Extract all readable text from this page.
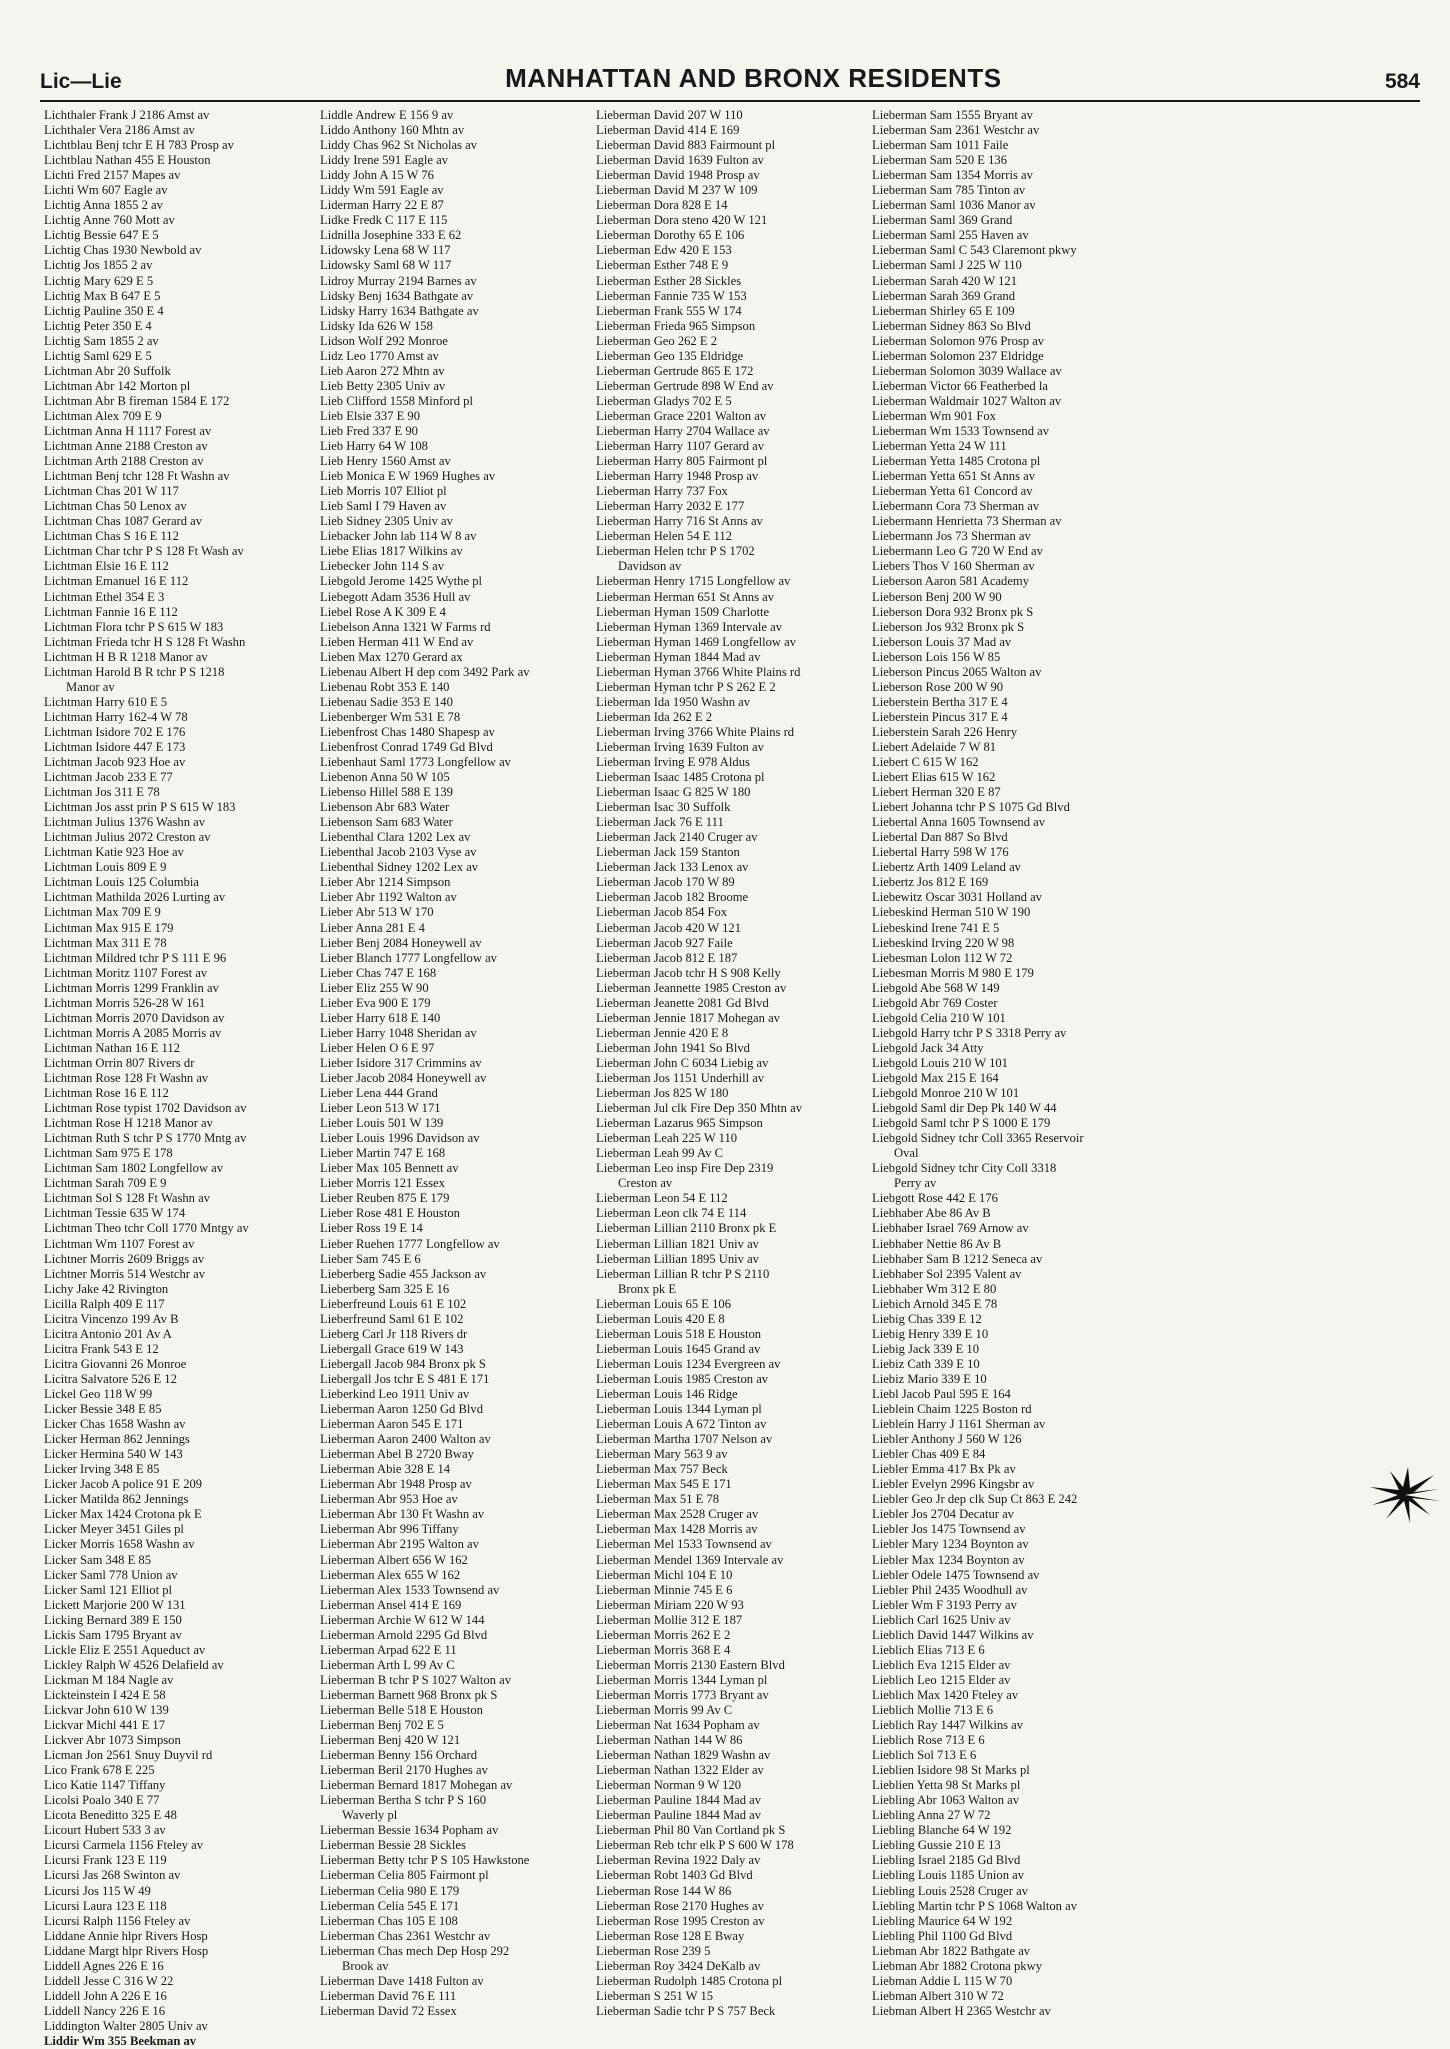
Lic—Lie	MANHATTAN AND BRONX RESIDENTS	584
Lichthaler Frank J 2186 Amst av
Lichthaler Vera 2186 Amst av
Lichtblau Benj tchr E H 783 Prosp av
Lichtblau Nathan 455 E Houston
Lichti Fred 2157 Mapes av
Lichti Wm 607 Eagle av
Lichtig Anna 1855 2 av
Lichtig Anne 760 Mott av
Lichtig Bessie 647 E 5
Lichtig Chas 1930 Newbold av
Lichtig Jos 1855 2 av
Lichtig Mary 629 E 5
Lichtig Max B 647 E 5
Lichtig Pauline 350 E 4
Lichtig Peter 350 E 4
Lichtig Sam 1855 2 av
Lichtig Saml 629 E 5
Lichtman Abr 20 Suffolk
Lichtman Abr 142 Morton pl
Lichtman Abr B fireman 1584 E 172
Lichtman Alex 709 E 9
Lichtman Anna H 1117 Forest av
Lichtman Anne 2188 Creston av
Lichtman Arth 2188 Creston av
Lichtman Benj tchr 128 Ft Washn av
Lichtman Chas 201 W 117
Lichtman Chas 50 Lenox av
Lichtman Chas 1087 Gerard av
Lichtman Chas S 16 E 112
Lichtman Char tchr P S 128 Ft Wash av
Lichtman Elsie 16 E 112
Lichtman Emanuel 16 E 112
Lichtman Ethel 354 E 3
Lichtman Fannie 16 E 112
Lichtman Flora tchr P S 615 W 183
Lichtman Frieda tchr H S 128 Ft Washn
Lichtman H B R 1218 Manor av
Lichtman Harold B R tchr P S 1218
Manor av
Lichtman Harry 610 E 5
Lichtman Harry 162-4 W 78
Lichtman Isidore 702 E 176
Lichtman Isidore 447 E 173
Lichtman Jacob 923 Hoe av
Lichtman Jacob 233 E 77
Lichtman Jos 311 E 78
Lichtman Jos asst prin P S 615 W 183
Lichtman Julius 1376 Washn av
Lichtman Julius 2072 Creston av
Lichtman Katie 923 Hoe av
Lichtman Louis 809 E 9
Lichtman Louis 125 Columbia
Lichtman Mathilda 2026 Lurting av
Lichtman Max 709 E 9
Lichtman Max 915 E 179
Lichtman Max 311 E 78
Lichtman Mildred tchr P S 111 E 96
Lichtman Moritz 1107 Forest av
Lichtman Morris 1299 Franklin av
Lichtman Morris 526-28 W 161
Lichtman Morris 2070 Davidson av
Lichtman Morris A 2085 Morris av
Lichtman Nathan 16 E 112
Lichtman Orrin 807 Rivers dr
Lichtman Rose 128 Ft Washn av
Lichtman Rose 16 E 112
Lichtman Rose typist 1702 Davidson av
Lichtman Rose H 1218 Manor av
Lichtman Ruth S tchr P S 1770 Mntg av
Lichtman Sam 975 E 178
Lichtman Sam 1802 Longfellow av
Lichtman Sarah 709 E 9
Lichtman Sol S 128 Ft Washn av
Lichtman Tessie 635 W 174
Lichtman Theo tchr Coll 1770 Mntgy av
Lichtman Wm 1107 Forest av
Lichtner Morris 2609 Briggs av
Lichtner Morris 514 Westchr av
Lichy Jake 42 Rivington
Licilla Ralph 409 E 117
Licitra Vincenzo 199 Av B
Licitra Antonio 201 Av A
Licitra Frank 543 E 12
Licitra Giovanni 26 Monroe
Licitra Salvatore 526 E 12
Lickel Geo 118 W 99
Licker Bessie 348 E 85
Licker Chas 1658 Washn av
Licker Herman 862 Jennings
Licker Hermina 540 W 143
Licker Irving 348 E 85
Licker Jacob A police 91 E 209
Licker Matilda 862 Jennings
Licker Max 1424 Crotona pk E
Licker Meyer 3451 Giles pl
Licker Morris 1658 Washn av
Licker Sam 348 E 85
Licker Saml 778 Union av
Licker Saml 121 Elliot pl
Lickett Marjorie 200 W 131
Licking Bernard 389 E 150
Lickis Sam 1795 Bryant av
Lickle Eliz E 2551 Aqueduct av
Lickley Ralph W 4526 Delafield av
Lickman M 184 Nagle av
Lickteinstein I 424 E 58
Lickvar John 610 W 139
Lickvar Michl 441 E 17
Lickver Abr 1073 Simpson
Licman Jon 2561 Snuy Duyvil rd
Lico Frank 678 E 225
Lico Katie 1147 Tiffany
Licolsi Poalo 340 E 77
Licota Beneditto 325 E 48
Licourt Hubert 533 3 av
Licursi Carmela 1156 Fteley av
Licursi Frank 123 E 119
Licursi Jas 268 Swinton av
Licursi Jos 115 W 49
Licursi Laura 123 E 118
Licursi Ralph 1156 Fteley av
Liddane Annie hlpr Rivers Hosp
Liddane Margt hlpr Rivers Hosp
Liddell Agnes 226 E 16
Liddell Jesse C 316 W 22
Liddell John A 226 E 16
Liddell Nancy 226 E 16
Liddington Walter 2805 Univ av
Liddir Wm 355 Beekman av
Liddle Andrew E 156 9 av
Liddo Anthony 160 Mhtn av
Liddy Chas 962 St Nicholas av
Liddy Irene 591 Eagle av
Liddy John A 15 W 76
Liddy Wm 591 Eagle av
Liderman Harry 22 E 87
Lidke Fredk C 117 E 115
Lidnilla Josephine 333 E 62
Lidowsky Lena 68 W 117
Lidowsky Saml 68 W 117
Lidroy Murray 2194 Barnes av
Lidsky Benj 1634 Bathgate av
Lidsky Harry 1634 Bathgate av
Lidsky Ida 626 W 158
Lidson Wolf 292 Monroe
Lidz Leo 1770 Amst av
Lieb Aaron 272 Mhtn av
Lieb Betty 2305 Univ av
Lieb Clifford 1558 Minford pl
Lieb Elsie 337 E 90
Lieb Fred 337 E 90
Lieb Harry 64 W 108
Lieb Henry 1560 Amst av
Lieb Monica E W 1969 Hughes av
Lieb Morris 107 Elliot pl
Lieb Saml I 79 Haven av
Lieb Sidney 2305 Univ av
Liebacker John lab 114 W 8 av
Liebe Elias 1817 Wilkins av
Liebecker John 114 S av
Liebgold Jerome 1425 Wythe pl
Liebegott Adam 3536 Hull av
Liebel Rose A K 309 E 4
Liebelson Anna 1321 W Farms rd
Lieben Herman 411 W End av
Lieben Max 1270 Gerard ax
Liebenau Albert H dep com 3492 Park av
Liebenau Robt 353 E 140
Liebenau Sadie 353 E 140
Liebenberger Wm 531 E 78
Liebenfrost Chas 1480 Shapesp av
Liebenfrost Conrad 1749 Gd Blvd
Liebenhaut Saml 1773 Longfellow av
Liebenon Anna 50 W 105
Liebenso Hillel 588 E 139
Liebenson Abr 683 Water
Liebenson Sam 683 Water
Liebenthal Clara 1202 Lex av
Liebenthal Jacob 2103 Vyse av
Liebenthal Sidney 1202 Lex av
Lieber Abr 1214 Simpson
Lieber Abr 1192 Walton av
Lieber Abr 513 W 170
Lieber Anna 281 E 4
Lieber Benj 2084 Honeywell av
Lieber Blanch 1777 Longfellow av
Lieber Chas 747 E 168
Lieber Eliz 255 W 90
Lieber Eva 900 E 179
Lieber Harry 618 E 140
Lieber Harry 1048 Sheridan av
Lieber Helen O 6 E 97
Lieber Isidore 317 Crimmins av
Lieber Jacob 2084 Honeywell av
Lieber Lena 444 Grand
Lieber Leon 513 W 171
Lieber Louis 501 W 139
Lieber Louis 1996 Davidson av
Lieber Martin 747 E 168
Lieber Max 105 Bennett av
Lieber Morris 121 Essex
Lieber Reuben 875 E 179
Lieber Rose 481 E Houston
Lieber Ross 19 E 14
Lieber Ruehen 1777 Longfellow av
Lieber Sam 745 E 6
Lieberberg Sadie 455 Jackson av
Lieberberg Sam 325 E 16
Lieberfreund Louis 61 E 102
Lieberfreund Saml 61 E 102
Lieberg Carl Jr 118 Rivers dr
Liebergall Grace 619 W 143
Liebergall Jacob 984 Bronx pk S
Liebergall Jos tchr E S 481 E 171
Lieberkind Leo 1911 Univ av
Lieberman Aaron 1250 Gd Blvd
Lieberman Aaron 545 E 171
Lieberman Aaron 2400 Walton av
Lieberman Abel B 2720 Bway
Lieberman Abie 328 E 14
Lieberman Abr 1948 Prosp av
Lieberman Abr 953 Hoe av
Lieberman Abr 130 Ft Washn av
Lieberman Abr 996 Tiffany
Lieberman Abr 2195 Walton av
Lieberman Albert 656 W 162
Lieberman Alex 655 W 162
Lieberman Alex 1533 Townsend av
Lieberman Ansel 414 E 169
Lieberman Archie W 612 W 144
Lieberman Arnold 2295 Gd Blvd
Lieberman Arpad 622 E 11
Lieberman Arth L 99 Av C
Lieberman B tchr P S 1027 Walton av
Lieberman Barnett 968 Bronx pk S
Lieberman Belle 518 E Houston
Lieberman Benj 702 E 5
Lieberman Benj 420 W 121
Lieberman Benny 156 Orchard
Lieberman Beril 2170 Hughes av
Lieberman Bernard 1817 Mohegan av
Lieberman Bertha S tchr P S 160
Waverly pl
Lieberman Bessie 1634 Popham av
Lieberman Bessie 28 Sickles
Lieberman Betty tchr P S 105 Hawkstone
Lieberman Celia 805 Fairmont pl
Lieberman Celia 980 E 179
Lieberman Celia 545 E 171
Lieberman Chas 105 E 108
Lieberman Chas 2361 Westchr av
Lieberman Chas mech Dep Hosp 292
Brook av
Lieberman Dave 1418 Fulton av
Lieberman David 76 E 111
Lieberman David 72 Essex
Lieberman David 207 W 110
Lieberman David 414 E 169
Lieberman David 883 Fairmount pl
Lieberman David 1639 Fulton av
Lieberman David 1948 Prosp av
Lieberman David M 237 W 109
Lieberman Dora 828 E 14
Lieberman Dora steno 420 W 121
Lieberman Dorothy 65 E 106
Lieberman Edw 420 E 153
Lieberman Esther 748 E 9
Lieberman Esther 28 Sickles
Lieberman Fannie 735 W 153
Lieberman Frank 555 W 174
Lieberman Frieda 965 Simpson
Lieberman Geo 262 E 2
Lieberman Geo 135 Eldridge
Lieberman Gertrude 865 E 172
Lieberman Gertrude 898 W End av
Lieberman Gladys 702 E 5
Lieberman Grace 2201 Walton av
Lieberman Harry 2704 Wallace av
Lieberman Harry 1107 Gerard av
Lieberman Harry 805 Fairmont pl
Lieberman Harry 1948 Prosp av
Lieberman Harry 737 Fox
Lieberman Harry 2032 E 177
Lieberman Harry 716 St Anns av
Lieberman Helen 54 E 112
Lieberman Helen tchr P S 1702
Davidson av
Lieberman Henry 1715 Longfellow av
Lieberman Herman 651 St Anns av
Lieberman Hyman 1509 Charlotte
Lieberman Hyman 1369 Intervale av
Lieberman Hyman 1469 Longfellow av
Lieberman Hyman 1844 Mad av
Lieberman Hyman 3766 White Plains rd
Lieberman Hyman tchr P S 262 E 2
Lieberman Ida 1950 Washn av
Lieberman Ida 262 E 2
Lieberman Irving 3766 White Plains rd
Lieberman Irving 1639 Fulton av
Lieberman Irving E 978 Aldus
Lieberman Isaac 1485 Crotona pl
Lieberman Isaac G 825 W 180
Lieberman Isac 30 Suffolk
Lieberman Jack 76 E 111
Lieberman Jack 2140 Cruger av
Lieberman Jack 159 Stanton
Lieberman Jack 133 Lenox av
Lieberman Jacob 170 W 89
Lieberman Jacob 182 Broome
Lieberman Jacob 854 Fox
Lieberman Jacob 420 W 121
Lieberman Jacob 927 Faile
Lieberman Jacob 812 E 187
Lieberman Jacob tchr H S 908 Kelly
Lieberman Jeannette 1985 Creston av
Lieberman Jeanette 2081 Gd Blvd
Lieberman Jennie 1817 Mohegan av
Lieberman Jennie 420 E 8
Lieberman John 1941 So Blvd
Lieberman John C 6034 Liebig av
Lieberman Jos 1151 Underhill av
Lieberman Jos 825 W 180
Lieberman Jul clk Fire Dep 350 Mhtn av
Lieberman Lazarus 965 Simpson
Lieberman Leah 225 W 110
Lieberman Leah 99 Av C
Lieberman Leo insp Fire Dep 2319
Creston av
Lieberman Leon 54 E 112
Lieberman Leon clk 74 E 114
Lieberman Lillian 2110 Bronx pk E
Lieberman Lillian 1821 Univ av
Lieberman Lillian 1895 Univ av
Lieberman Lillian R tchr P S 2110
Bronx pk E
Lieberman Louis 65 E 106
Lieberman Louis 420 E 8
Lieberman Louis 518 E Houston
Lieberman Louis 1645 Grand av
Lieberman Louis 1234 Evergreen av
Lieberman Louis 1985 Creston av
Lieberman Louis 146 Ridge
Lieberman Louis 1344 Lyman pl
Lieberman Louis A 672 Tinton av
Lieberman Martha 1707 Nelson av
Lieberman Mary 563 9 av
Lieberman Max 757 Beck
Lieberman Max 545 E 171
Lieberman Max 51 E 78
Lieberman Max 2528 Cruger av
Lieberman Max 1428 Morris av
Lieberman Mel 1533 Townsend av
Lieberman Mendel 1369 Intervale av
Lieberman Michl 104 E 10
Lieberman Minnie 745 E 6
Lieberman Miriam 220 W 93
Lieberman Mollie 312 E 187
Lieberman Morris 262 E 2
Lieberman Morris 368 E 4
Lieberman Morris 2130 Eastern Blvd
Lieberman Morris 1344 Lyman pl
Lieberman Morris 1773 Bryant av
Lieberman Morris 99 Av C
Lieberman Nat 1634 Popham av
Lieberman Nathan 144 W 86
Lieberman Nathan 1829 Washn av
Lieberman Nathan 1322 Elder av
Lieberman Norman 9 W 120
Lieberman Pauline 1844 Mad av
Lieberman Pauline 1844 Mad av
Lieberman Phil 80 Van Cortland pk S
Lieberman Reb tchr elk P S 600 W 178
Lieberman Revina 1922 Daly av
Lieberman Robt 1403 Gd Blvd
Lieberman Rose 144 W 86
Lieberman Rose 2170 Hughes av
Lieberman Rose 1995 Creston av
Lieberman Rose 128 E Bway
Lieberman Rose 239 5
Lieberman Roy 3424 DeKalb av
Lieberman Rudolph 1485 Crotona pl
Lieberman S 251 W 15
Lieberman Sadie tchr P S 757 Beck
Lieberman Sam 1555 Bryant av
Lieberman Sam 2361 Westchr av
Lieberman Sam 1011 Faile
Lieberman Sam 520 E 136
Lieberman Sam 1354 Morris av
Lieberman Sam 785 Tinton av
Lieberman Saml 1036 Manor av
Lieberman Saml 369 Grand
Lieberman Saml 255 Haven av
Lieberman Saml C 543 Claremont pkwy
Lieberman Saml J 225 W 110
Lieberman Sarah 420 W 121
Lieberman Sarah 369 Grand
Lieberman Shirley 65 E 109
Lieberman Sidney 863 So Blvd
Lieberman Solomon 976 Prosp av
Lieberman Solomon 237 Eldridge
Lieberman Solomon 3039 Wallace av
Lieberman Victor 66 Featherbed la
Lieberman Waldmair 1027 Walton av
Lieberman Wm 901 Fox
Lieberman Wm 1533 Townsend av
Lieberman Yetta 24 W 111
Lieberman Yetta 1485 Crotona pl
Lieberman Yetta 651 St Anns av
Lieberman Yetta 61 Concord av
Liebermann Cora 73 Sherman av
Liebermann Henrietta 73 Sherman av
Liebermann Jos 73 Sherman av
Liebermann Leo G 720 W End av
Liebers Thos V 160 Sherman av
Lieberson Aaron 581 Academy
Lieberson Benj 200 W 90
Lieberson Dora 932 Bronx pk S
Lieberson Jos 932 Bronx pk S
Lieberson Louis 37 Mad av
Lieberson Lois 156 W 85
Lieberson Pincus 2065 Walton av
Lieberson Rose 200 W 90
Lieberstein Bertha 317 E 4
Lieberstein Pincus 317 E 4
Lieberstein Sarah 226 Henry
Liebert Adelaide 7 W 81
Liebert C 615 W 162
Liebert Elias 615 W 162
Liebert Herman 320 E 87
Liebert Johanna tchr P S 1075 Gd Blvd
Liebertal Anna 1605 Townsend av
Liebertal Dan 887 So Blvd
Liebertal Harry 598 W 176
Liebertz Arth 1409 Leland av
Liebertz Jos 812 E 169
Liebewitz Oscar 3031 Holland av
Liebeskind Herman 510 W 190
Liebeskind Irene 741 E 5
Liebeskind Irving 220 W 98
Liebesman Lolon 112 W 72
Liebesman Morris M 980 E 179
Liebgold Abe 568 W 149
Liebgold Abr 769 Coster
Liebgold Celia 210 W 101
Liebgold Harry tchr P S 3318 Perry av
Liebgold Jack 34 Atty
Liebgold Louis 210 W 101
Liebgold Max 215 E 164
Liebgold Monroe 210 W 101
Liebgold Saml dir Dep Pk 140 W 44
Liebgold Saml tchr P S 1000 E 179
Liebgold Sidney tchr Coll 3365 Reservoir
Oval
Liebgold Sidney tchr City Coll 3318
Perry av
Liebgott Rose 442 E 176
Liebhaber Abe 86 Av B
Liebhaber Israel 769 Arnow av
Liebhaber Nettie 86 Av B
Liebhaber Sam B 1212 Seneca av
Liebhaber Sol 2395 Valent av
Liebhaber Wm 312 E 80
Liebich Arnold 345 E 78
Liebig Chas 339 E 12
Liebig Henry 339 E 10
Liebig Jack 339 E 10
Liebiz Cath 339 E 10
Liebiz Mario 339 E 10
Liebl Jacob Paul 595 E 164
Lieblein Chaim 1225 Boston rd
Lieblein Harry J 1161 Sherman av
Liebler Anthony J 560 W 126
Liebler Chas 409 E 84
Liebler Emma 417 Bx Pk av
Liebler Evelyn 2996 Kingsbr av
Liebler Geo Jr dep clk Sup Ct 863 E 242
Liebler Jos 2704 Decatur av
Liebler Jos 1475 Townsend av
Liebler Mary 1234 Boynton av
Liebler Max 1234 Boynton av
Liebler Odele 1475 Townsend av
Liebler Phil 2435 Woodhull av
Liebler Wm F 3193 Perry av
Lieblich Carl 1625 Univ av
Lieblich David 1447 Wilkins av
Lieblich Elias 713 E 6
Lieblich Eva 1215 Elder av
Lieblich Leo 1215 Elder av
Lieblich Max 1420 Fteley av
Lieblich Mollie 713 E 6
Lieblich Ray 1447 Wilkins av
Lieblich Rose 713 E 6
Lieblich Sol 713 E 6
Lieblien Isidore 98 St Marks pl
Lieblien Yetta 98 St Marks pl
Liebling Abr 1063 Walton av
Liebling Anna 27 W 72
Liebling Blanche 64 W 192
Liebling Gussie 210 E 13
Liebling Israel 2185 Gd Blvd
Liebling Louis 1185 Union av
Liebling Louis 2528 Cruger av
Liebling Martin tchr P S 1068 Walton av
Liebling Maurice 64 W 192
Liebling Phil 1100 Gd Blvd
Liebman Abr 1822 Bathgate av
Liebman Abr 1882 Crotona pkwy
Liebman Addie L 115 W 70
Liebman Albert 310 W 72
Liebman Albert H 2365 Westchr av
